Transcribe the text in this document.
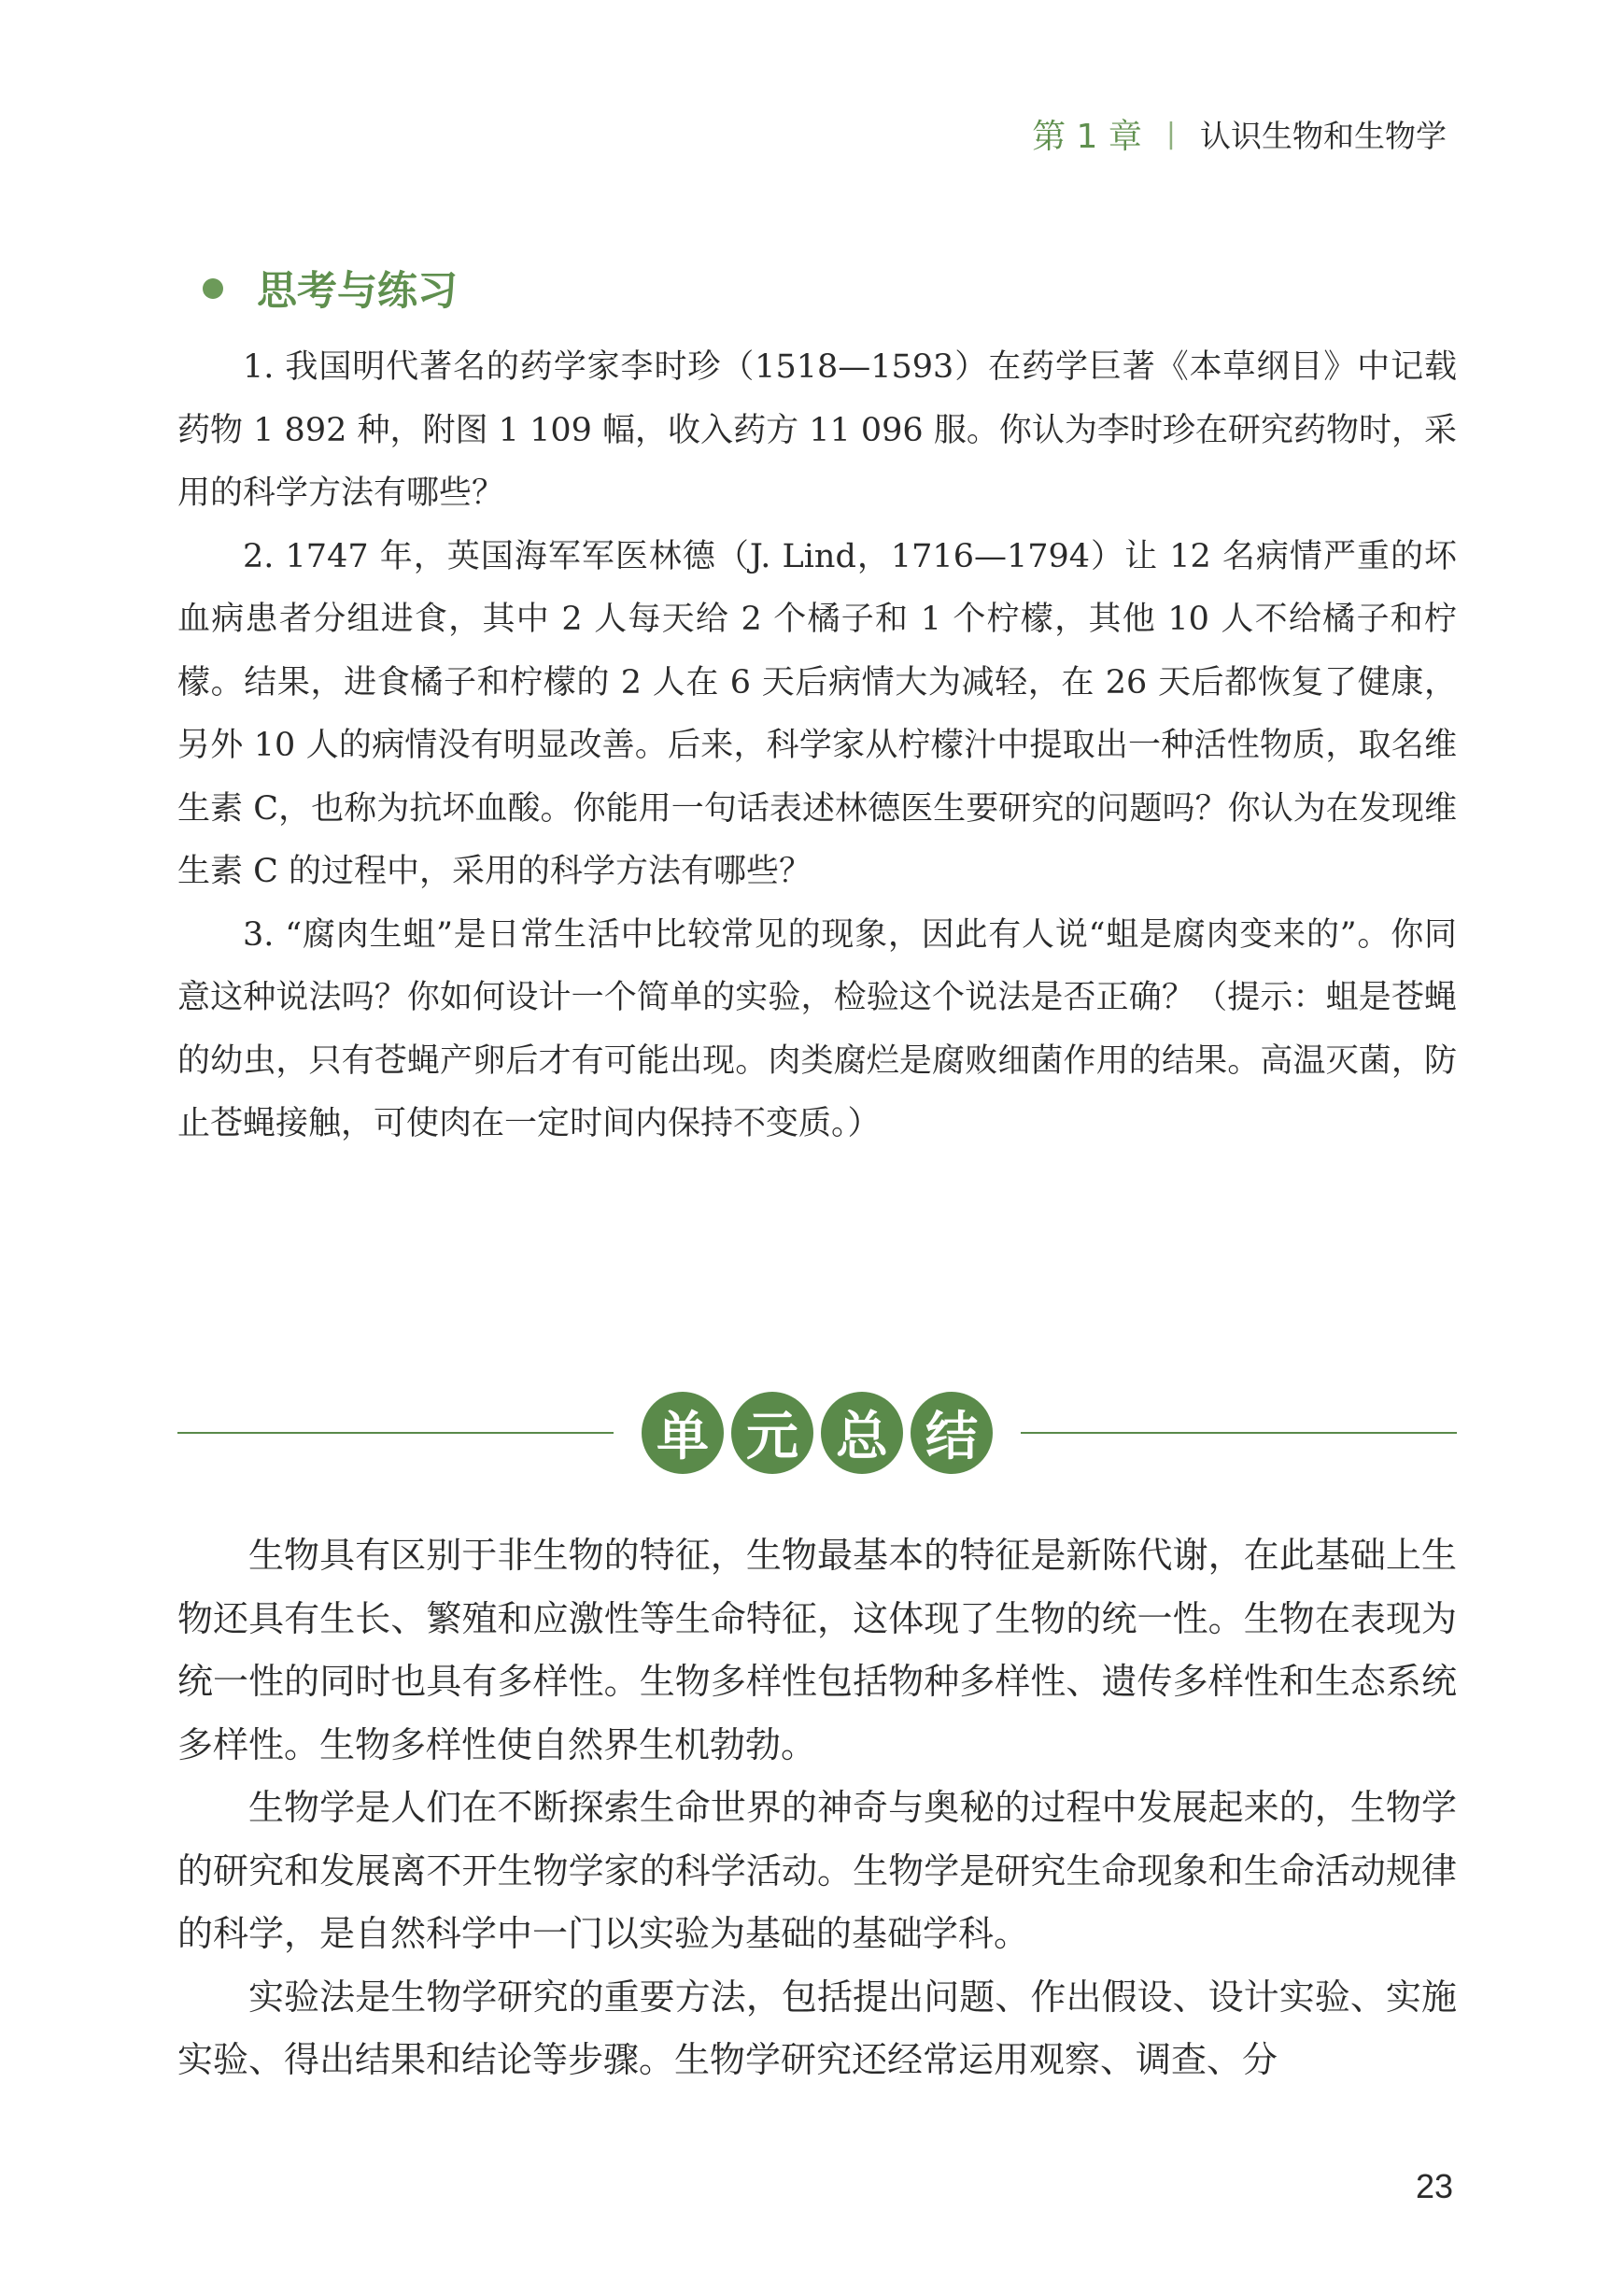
第 1 章 | 认识生物和生物学
思考与练习

1. 我国明代著名的药学家李时珍（1518—1593）在药学巨著《本草纲目》中记载药物 1 892 种，附图 1 109 幅，收入药方 11 096 服。你认为李时珍在研究药物时，采用的科学方法有哪些？

2. 1747 年，英国海军军医林德（J. Lind，1716—1794）让 12 名病情严重的坏血病患者分组进食，其中 2 人每天给 2 个橘子和 1 个柠檬，其他 10 人不给橘子和柠檬。结果，进食橘子和柠檬的 2 人在 6 天后病情大为减轻，在 26 天后都恢复了健康，另外 10 人的病情没有明显改善。后来，科学家从柠檬汁中提取出一种活性物质，取名维生素 C，也称为抗坏血酸。你能用一句话表述林德医生要研究的问题吗？你认为在发现维生素 C 的过程中，采用的科学方法有哪些？

3. “腐肉生蛆”是日常生活中比较常见的现象，因此有人说“蛆是腐肉变来的”。你同意这种说法吗？你如何设计一个简单的实验，检验这个说法是否正确？（提示：蛆是苍蝇的幼虫，只有苍蝇产卵后才有可能出现。肉类腐烂是腐败细菌作用的结果。高温灭菌，防止苍蝇接触，可使肉在一定时间内保持不变质。）

单 元 总 结

生物具有区别于非生物的特征，生物最基本的特征是新陈代谢，在此基础上生物还具有生长、繁殖和应激性等生命特征，这体现了生物的统一性。生物在表现为统一性的同时也具有多样性。生物多样性包括物种多样性、遗传多样性和生态系统多样性。生物多样性使自然界生机勃勃。

生物学是人们在不断探索生命世界的神奇与奥秘的过程中发展起来的，生物学的研究和发展离不开生物学家的科学活动。生物学是研究生命现象和生命活动规律的科学，是自然科学中一门以实验为基础的基础学科。

实验法是生物学研究的重要方法，包括提出问题、作出假设、设计实验、实施实验、得出结果和结论等步骤。生物学研究还经常运用观察、调查、分

23
